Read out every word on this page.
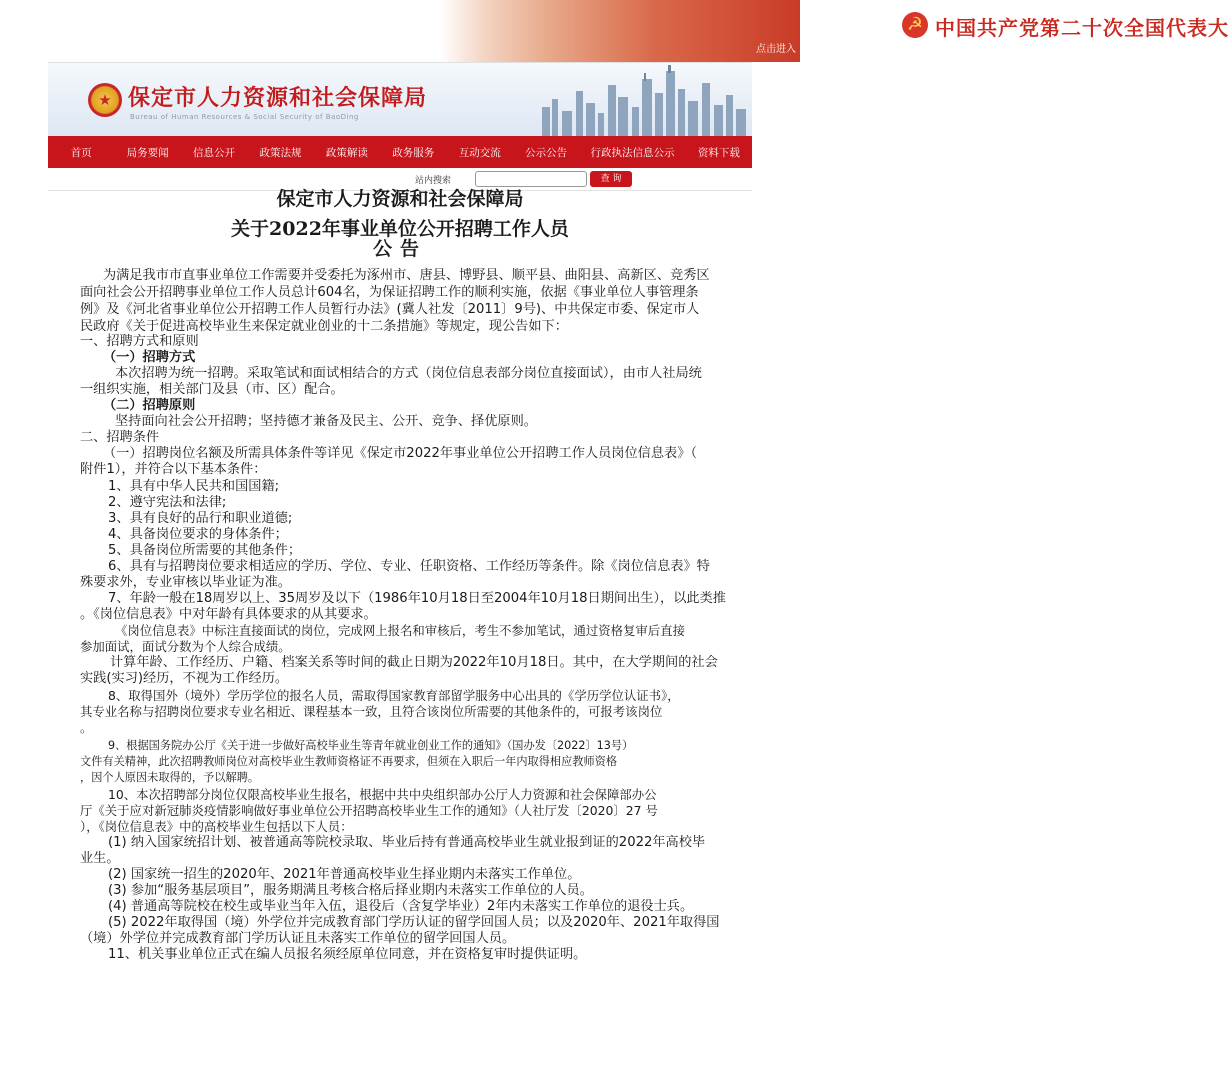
☭ 中国共产党第二十次全国代表大
点击进入
★ 保定市人力资源和社会保障局
Bureau of Human Resources & Social Security of BaoDing
首页	局务要闻	信息公开	政策法规	政策解读	政务服务	互动交流	公示公告	行政执法信息公示	资料下载
站内搜索	查 询
保定市人力资源和社会保障局
关于2022年事业单位公开招聘工作人员
公告
为满足我市市直事业单位工作需要并受委托为涿州市、唐县、博野县、顺平县、曲阳县、高新区、竞秀区
面向社会公开招聘事业单位工作人员总计604名，为保证招聘工作的顺利实施，依据《事业单位人事管理条
例》及《河北省事业单位公开招聘工作人员暂行办法》(冀人社发〔2011〕9号)、中共保定市委、保定市人
民政府《关于促进高校毕业生来保定就业创业的十二条措施》等规定，现公告如下：
一、招聘方式和原则
（一）招聘方式
本次招聘为统一招聘。采取笔试和面试相结合的方式（岗位信息表部分岗位直接面试），由市人社局统
一组织实施，相关部门及县（市、区）配合。
（二）招聘原则
坚持面向社会公开招聘；坚持德才兼备及民主、公开、竞争、择优原则。
二、招聘条件
（一）招聘岗位名额及所需具体条件等详见《保定市2022年事业单位公开招聘工作人员岗位信息表》（
附件1），并符合以下基本条件：
1、具有中华人民共和国国籍;
2、遵守宪法和法律;
3、具有良好的品行和职业道德;
4、具备岗位要求的身体条件；
5、具备岗位所需要的其他条件；
6、具有与招聘岗位要求相适应的学历、学位、专业、任职资格、工作经历等条件。除《岗位信息表》特
殊要求外，专业审核以毕业证为准。
7、年龄一般在18周岁以上、35周岁及以下（1986年10月18日至2004年10月18日期间出生），以此类推
。《岗位信息表》中对年龄有具体要求的从其要求。
《岗位信息表》中标注直接面试的岗位，完成网上报名和审核后，考生不参加笔试，通过资格复审后直接
参加面试，面试分数为个人综合成绩。
计算年龄、工作经历、户籍、档案关系等时间的截止日期为2022年10月18日。其中，在大学期间的社会
实践(实习)经历，不视为工作经历。
8、取得国外（境外）学历学位的报名人员，需取得国家教育部留学服务中心出具的《学历学位认证书》，
其专业名称与招聘岗位要求专业名相近、课程基本一致，且符合该岗位所需要的其他条件的，可报考该岗位
。
9、根据国务院办公厅《关于进一步做好高校毕业生等青年就业创业工作的通知》（国办发〔2022〕13号）
文件有关精神，此次招聘教师岗位对高校毕业生教师资格证不再要求，但须在入职后一年内取得相应教师资格
，因个人原因未取得的，予以解聘。
10、本次招聘部分岗位仅限高校毕业生报名，根据中共中央组织部办公厅人力资源和社会保障部办公
厅《关于应对新冠肺炎疫情影响做好事业单位公开招聘高校毕业生工作的通知》（人社厅发〔2020〕27 号
），《岗位信息表》中的高校毕业生包括以下人员：
(1) 纳入国家统招计划、被普通高等院校录取、毕业后持有普通高校毕业生就业报到证的2022年高校毕
业生。
(2) 国家统一招生的2020年、2021年普通高校毕业生择业期内未落实工作单位。
(3) 参加“服务基层项目”，服务期满且考核合格后择业期内未落实工作单位的人员。
(4) 普通高等院校在校生或毕业当年入伍，退役后（含复学毕业）2年内未落实工作单位的退役士兵。
(5) 2022年取得国（境）外学位并完成教育部门学历认证的留学回国人员；以及2020年、2021年取得国
（境）外学位并完成教育部门学历认证且未落实工作单位的留学回国人员。
11、机关事业单位正式在编人员报名须经原单位同意，并在资格复审时提供证明。
